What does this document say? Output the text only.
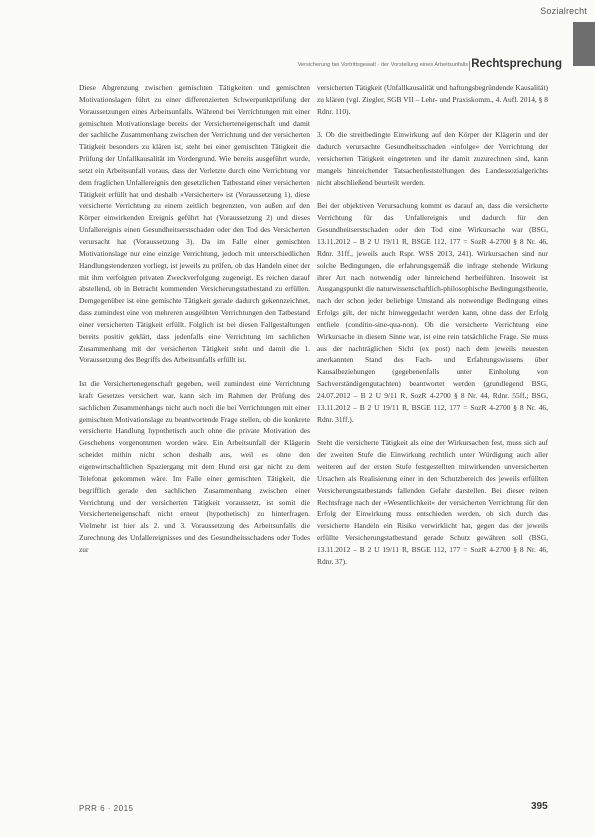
Sozialrecht
Versicherung bei Vortrittsgewalt · der Vorstellung eines Arbeitsunfalls Rechtsprechung

Diese Abgrenzung zwischen gemischten Tätigkeiten und gemischten Motivationslagen führt zu einer differenzierten Schwerpunktprüfung der Voraussetzungen eines Arbeitsunfalls. Während bei Verrichtungen mit einer gemischten Motivationslage bereits der Versicherteneigenschaft und damit der sachliche Zusammenhang zwischen der Verrichtung und der versicherten Tätigkeit besonders zu klären ist, steht bei einer gemischten Tätigkeit die Prüfung der Unfallkausalität im Vordergrund. Wie bereits ausgeführt wurde, setzt ein Arbeitsunfall voraus, dass der Verletzte durch eine Verrichtung vor dem fraglichen Unfallereignis den gesetzlichen Tatbestand einer versicherten Tätigkeit erfüllt hat und deshalb »Versicherter« ist (Voraussetzung 1), diese versicherte Verrichtung zu einem zeitlich begrenzten, von außen auf den Körper einwirkenden Ereignis geführt hat (Voraussetzung 2) und dieses Unfallereignis einen Gesundheitserstschaden oder den Tod des Versicherten verursacht hat (Voraussetzung 3). Da im Falle einer gemischten Motivationslage nur eine einzige Verrichtung, jedoch mit unterschiedlichen Handlungstendenzen vorliegt, ist jeweils zu prüfen, ob das Handeln einer der mit ihm verfolgten privaten Zweckverfolgung zugeneigt. Es reichen darauf abstellend, ob in Betracht kommenden Versicherungstatbestand zu erfüllen. Demgegenüber ist eine gemischte Tätigkeit gerade dadurch gekennzeichnet, dass zumindest eine von mehreren ausgeübten Verrichtungen den Tatbestand einer versicherten Tätigkeit erfüllt. Folglich ist bei diesen Fallgestaltungen bereits positiv geklärt, dass jedenfalls eine Verrichtung im sachlichen Zusammenhang mit der versicherten Tätigkeit steht und damit die 1. Voraussetzung des Begriffs des Arbeitsunfalls erfüllt ist.

Ist die Versichertenegenschaft gegeben, weil zumindest eine Verrichtung kraft Gesetzes versichert war, kann sich im Rahmen der Prüfung des sachlichen Zusammenhangs nicht auch noch die bei Verrichtungen mit einer gemischten Motivationslage zu beantwortende Frage stellen, ob die konkrete versicherte Handlung hypothetisch auch ohne die private Motivation des Geschehens vorgenommen worden wäre. Ein Arbeitsunfall der Klägerin scheidet mithin nicht schon deshalb aus, weil es ohne den eigenwirtschaftlichen Spaziergang mit dem Hund erst gar nicht zu dem Telefonat gekommen wäre. Im Falle einer gemischten Tätigkeit, die begrifflich gerade den sachlichen Zusammenhang zwischen einer Verrichtung und der versicherten Tätigkeit voraussetzt, ist somit die Versicherteneigenschaft nicht erneut (hypothetisch) zu hinterfragen. Vielmehr ist hier als 2. und 3. Voraussetzung des Arbeitsunfalls die Zurechnung des Unfallereignisses und des Gesundheitsschadens oder Todes zur

versicherten Tätigkeit (Unfallkausalität und haftungsbegründende Kausalität) zu klären (vgl. Ziegler, SGB VII – Lehr- und Praxiskomm., 4. Aufl. 2014, § 8 Rdnr. 110).

3. Ob die streitbedingte Einwirkung auf den Körper der Klägerin und der dadurch verursachte Gesundheitsschaden »infolge« der Verrichtung der versicherten Tätigkeit eingetreten und ihr damit zuzurechnen sind, kann mangels hinreichender Tatsachenfeststellungen des Landessozialgerichts nicht abschließend beurteilt werden.

Bei der objektiven Verursachung kommt es darauf an, dass die versicherte Verrichtung für das Unfallereignis und dadurch für den Gesundheitserstschaden oder den Tod eine Wirkursache war (BSG, 13.11.2012 – B 2 U 19/11 R, BSGE 112, 177 = SozR 4-2700 § 8 Nr. 46, Rdnr. 31ff., jeweils auch Rspr. WSS 2013, 241). Wirkursachen sind nur solche Bedingungen, die erfahrungsgemäß die infrage stehende Wirkung ihrer Art nach notwendig oder hinreichend herbeiführen. Insoweit ist Ausgangspunkt die naturwissenschaftlich-philosophische Bedingungstheorie, nach der schon jeder beliebige Umstand als notwendige Bedingung eines Erfolgs gilt, der nicht hinweggedacht werden kann, ohne dass der Erfolg entfiele (conditio-sine-qua-non). Ob die versicherte Verrichtung eine Wirkursache in diesem Sinne war, ist eine rein tatsächliche Frage. Sie muss aus der nachträglichen Sicht (ex post) nach dem jeweils neuesten anerkannten Stand des Fach- und Erfahrungswissens über Kausalbeziehungen (gegebenenfalls unter Einholung von Sachverständigengutachten) beantwortet werden (grundlegend BSG, 24.07.2012 – B 2 U 9/11 R, SozR 4-2700 § 8 Nr. 44, Rdnr. 55ff.; BSG, 13.11.2012 – B 2 U 19/11 R, BSGE 112, 177 = SozR 4-2700 § 8 Nr. 46, Rdnr. 31ff.).

Steht die versicherte Tätigkeit als eine der Wirkursachen fest, muss sich auf der zweiten Stufe die Einwirkung rechtlich unter Würdigung auch aller weiteren auf der ersten Stufe festgestellten mitwirkenden unversicherten Ursachen als Realisierung einer in den Schutzbereich des jeweils erfüllten Versicherungstatbestands fallenden Gefahr darstellen. Bei dieser reinen Rechtsfrage nach der »Wesentlichkeit« der versicherten Verrichtung für den Erfolg der Einwirkung muss entschieden werden, ob sich durch das versicherte Handeln ein Risiko verwirklicht hat, gegen das der jeweils erfüllte Versicherungstatbestand gerade Schutz gewähren soll (BSG, 13.11.2012 – B 2 U 19/11 R, BSGE 112, 177 = SozR 4-2700 § 8 Nr. 46, Rdnr. 37).

PRR 6 · 2015	395
